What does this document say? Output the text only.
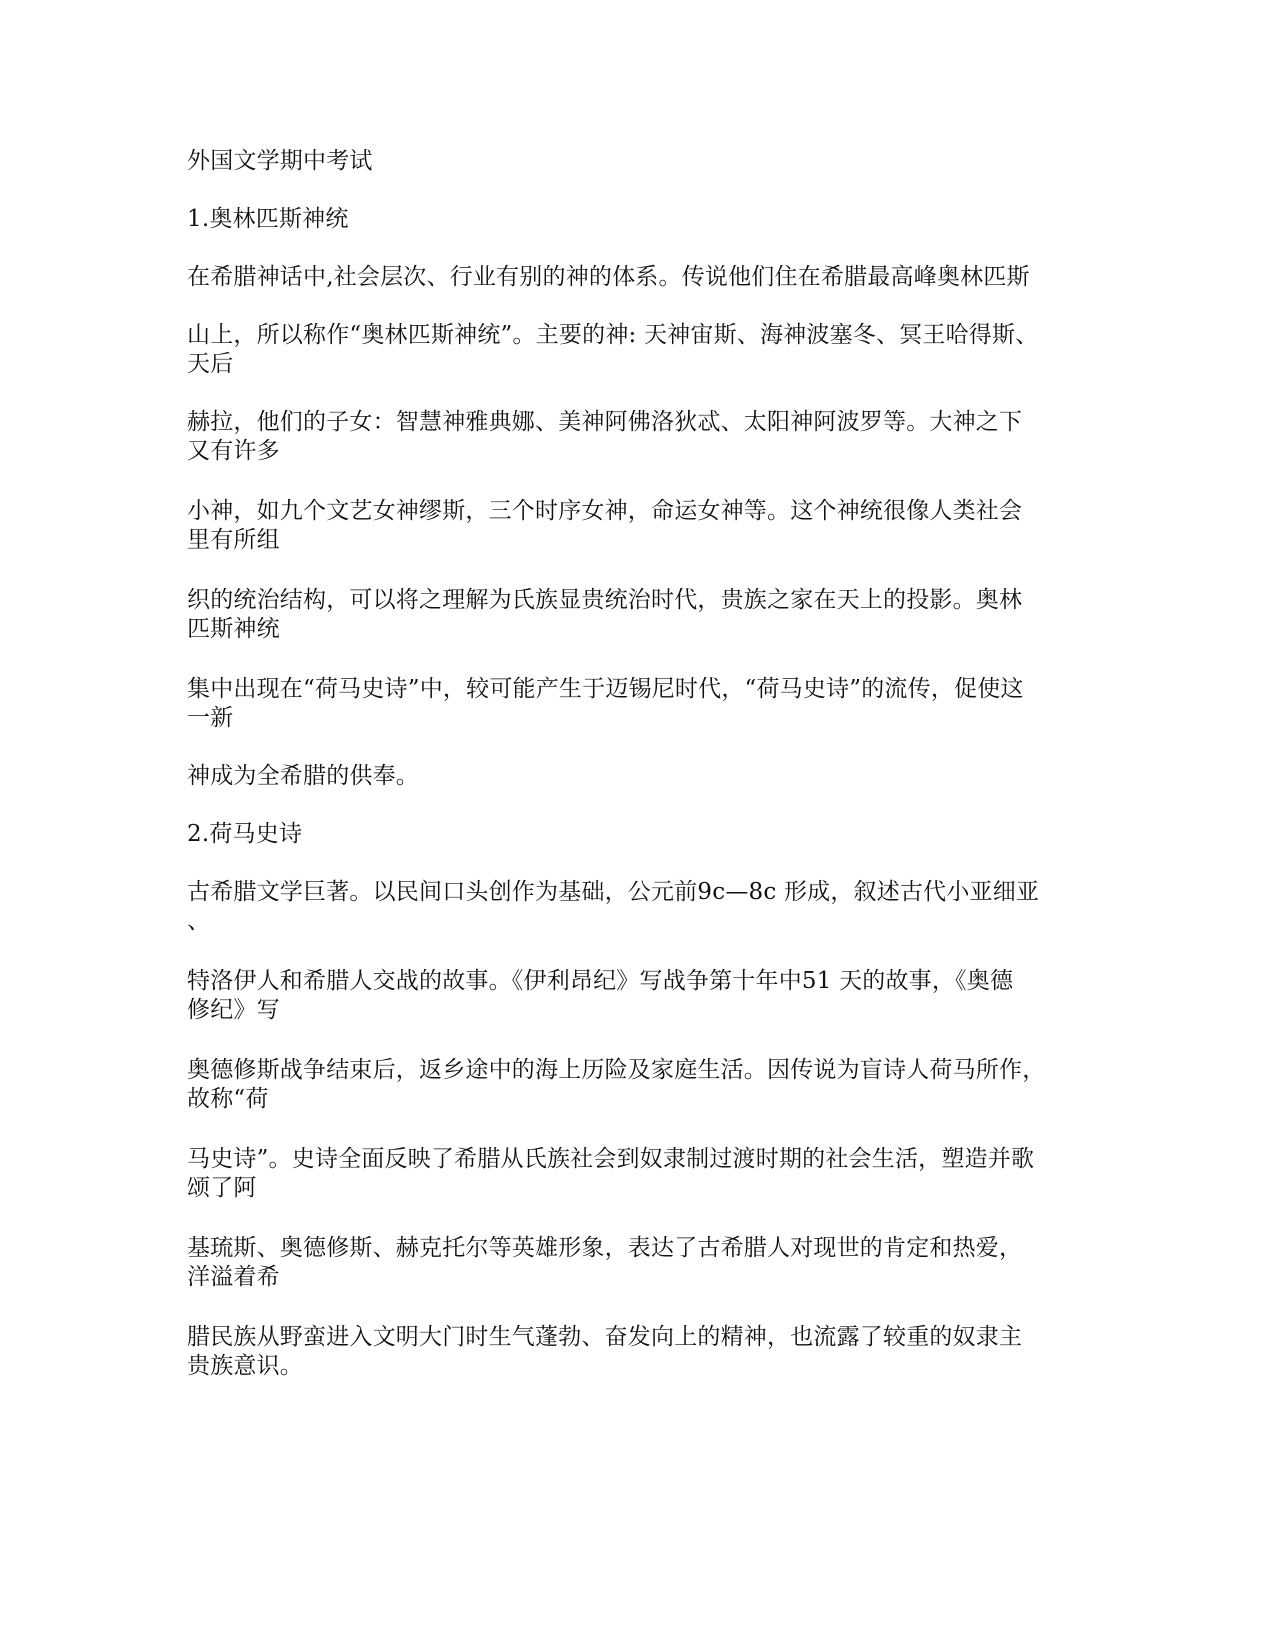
外国文学期中考试
1.奥林匹斯神统
在希腊神话中,社会层次、行业有别的神的体系。传说他们住在希腊最高峰奥林匹斯
山上，所以称作“奥林匹斯神统”。主要的神: 天神宙斯、海神波塞冬、冥王哈得斯、
天后
赫拉，他们的子女：智慧神雅典娜、美神阿佛洛狄忒、太阳神阿波罗等。大神之下
又有许多
小神，如九个文艺女神缪斯，三个时序女神，命运女神等。这个神统很像人类社会
里有所组
织的统治结构，可以将之理解为氏族显贵统治时代，贵族之家在天上的投影。奥林
匹斯神统
集中出现在“荷马史诗”中，较可能产生于迈锡尼时代，“荷马史诗”的流传，促使这
一新
神成为全希腊的供奉。
2.荷马史诗
古希腊文学巨著。以民间口头创作为基础，公元前9c—8c 形成，叙述古代小亚细亚
、
特洛伊人和希腊人交战的故事。《伊利昂纪》写战争第十年中51 天的故事，《奥德
修纪》写
奥德修斯战争结束后，返乡途中的海上历险及家庭生活。因传说为盲诗人荷马所作，
故称“荷
马史诗”。史诗全面反映了希腊从氏族社会到奴隶制过渡时期的社会生活，塑造并歌
颂了阿
基琉斯、奥德修斯、赫克托尔等英雄形象，表达了古希腊人对现世的肯定和热爱，
洋溢着希
腊民族从野蛮进入文明大门时生气蓬勃、奋发向上的精神，也流露了较重的奴隶主
贵族意识。
